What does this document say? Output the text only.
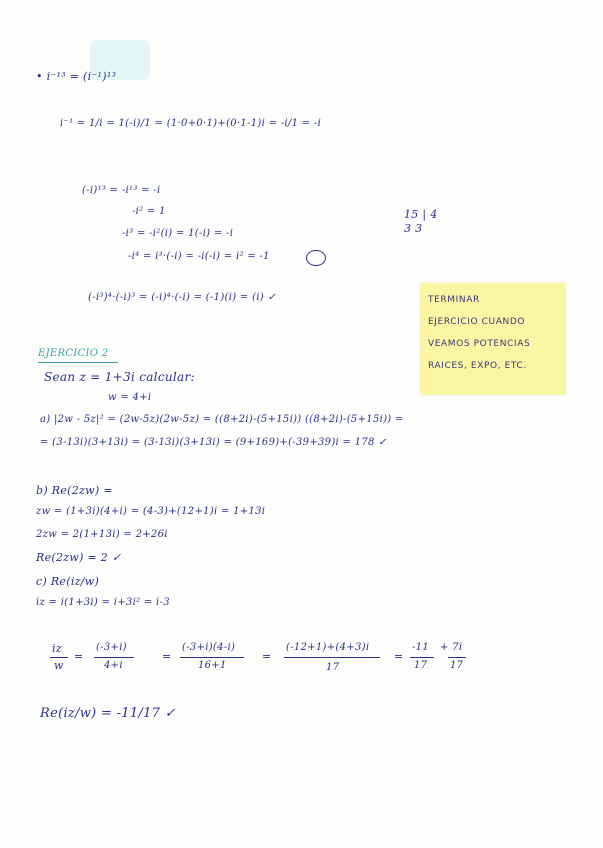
• i⁻¹³ = (i⁻¹)¹³
i⁻¹ = 1/i = 1(-i)/1 = (1·0+0·1)+(0·1-1)i = -i/1 = -i
(-i)¹³ = -i¹³ = -i
-i² = 1
-i³ = -i²(i) = 1(-i) = -i
-i⁴ = i³·(-i) = -i(-i) = i² = -1
15 | 4
3 3
(-i³)⁴·(-i)³ = (-i)⁴·(-i) = (-1)(i) = (i) ✓	TERMINAR
EJERCICIO CUANDO
VEAMOS POTENCIAS
RAICES, EXPO, ETC.
EJERCICIO 2
Sean z = 1+3i calcular:
w = 4+i
a) |2w - 5z|² = (2w-5z)(2w-5z) = ((8+2i)-(5+15i)) ((8+2i)-(5+15i)) =
= (3-13i)(3+13i) = (3-13i)(3+13i) = (9+169)+(-39+39)i = 178 ✓
b) Re(2zw) =
zw = (1+3i)(4+i) = (4-3)+(12+1)i = 1+13i
2zw = 2(1+13i) = 2+26i
Re(2zw) = 2 ✓
c) Re(iz/w)
iz = i(1+3i) = i+3i² = i-3
iz
w
=
(-3+i)
4+i
=
(-3+i)(4-i)
16+1
=
(-12+1)+(4+3)i
17
=
-11
17
+ 7i
17
Re(iz/w) = -11/17 ✓
